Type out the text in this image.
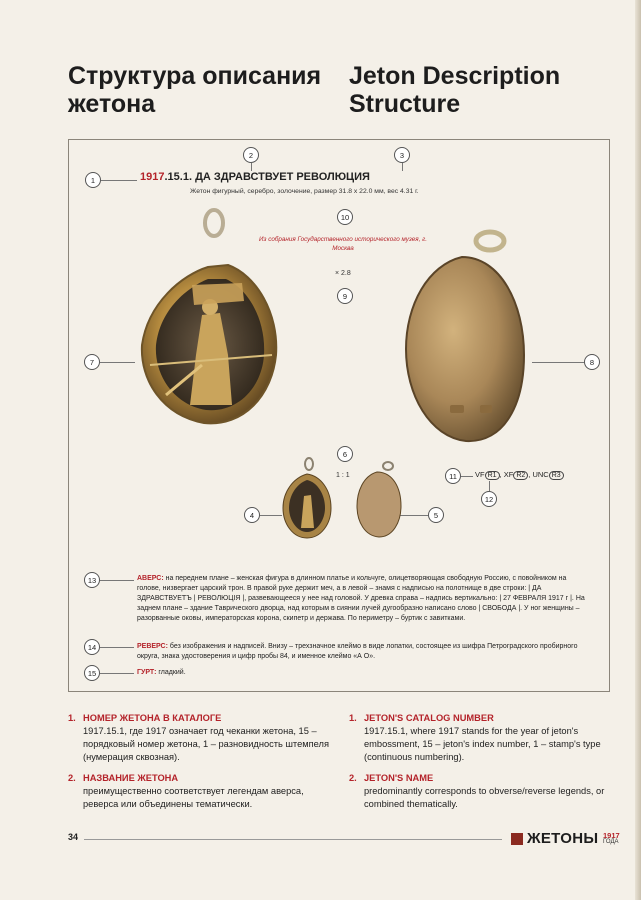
Структура описания жетона
Jeton Description Structure
1
2	3
4	5
6
7	8
9
10
11
12
13
14
15
1917.15.1. ДА ЗДРАВСТВУЕТ РЕВОЛЮЦИЯ
Жетон фигурный, серебро, золочение, размер 31.8 х 22.0 мм, вес 4.31 г.
Из собрания Государственного исторического музея, г. Москва
× 2.8
1 : 1	VF R1 , XF R2 , UNC R3
АВЕРС: на переднем плане – женская фигура в длинном платье и кольчуге, олицетворяющая свободную Россию, с повойником на голове, низвергает царский трон. В правой руке держит меч, а в левой – знамя с надписью на полотнище в две строки: | ДА ЗДРАВСТВУЕТЪ | РЕВОЛЮЦІЯ |, развевающееся у нее над головой. У древка справа – надпись вертикально: | 27 ФЕВРАЛЯ 1917 г |. На заднем плане – здание Таврического дворца, над которым в сиянии лучей дугообразно написано слово | СВОБОДА |. У ног женщины – разорванные оковы, императорская корона, скипетр и держава. По периметру – буртик с завитками.
РЕВЕРС: без изображения и надписей. Внизу – трехзначное клеймо в виде лопатки, состоящее из шифра Петроградского пробирного округа, знака удостоверения и цифр пробы 84, и именное клеймо «А О».
ГУРТ: гладкий.
1. НОМЕР ЖЕТОНА В КАТАЛОГЕ
1917.15.1, где 1917 означает год чеканки жетона, 15 – порядковый номер жетона, 1 – разновидность штемпеля (нумерация сквозная).
2. НАЗВАНИЕ ЖЕТОНА
преимущественно соответствует легендам аверса, реверса или объединены тематически.
1. JETON'S CATALOG NUMBER
1917.15.1, where 1917 stands for the year of jeton's embossment, 15 – jeton's index number, 1 – stamp's type (continuous numbering).
2. JETON'S NAME
predominantly corresponds to obverse/reverse legends, or combined thematically.
34	ЖЕТОНЫ 1917
ГОДА
